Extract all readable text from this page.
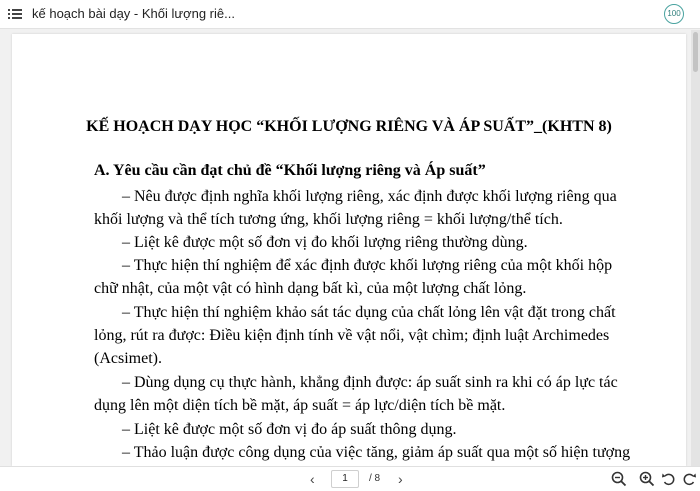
kế hoạch bài dạy - Khối lượng riê...	100
KẾ HOẠCH DẠY HỌC “KHỐI LƯỢNG RIÊNG VÀ ÁP SUẤT”_(KHTN 8)
A. Yêu cầu cần đạt chủ đề “Khối lượng riêng và Áp suất”
– Nêu được định nghĩa khối lượng riêng, xác định được khối lượng riêng qua
khối lượng và thể tích tương ứng, khối lượng riêng = khối lượng/thể tích.
– Liệt kê được một số đơn vị đo khối lượng riêng thường dùng.
– Thực hiện thí nghiệm để xác định được khối lượng riêng của một khối hộp
chữ nhật, của một vật có hình dạng bất kì, của một lượng chất lỏng.
– Thực hiện thí nghiệm khảo sát tác dụng của chất lỏng lên vật đặt trong chất
lỏng, rút ra được: Điều kiện định tính về vật nổi, vật chìm; định luật Archimedes
(Acsimet).
– Dùng dụng cụ thực hành, khẳng định được: áp suất sinh ra khi có áp lực tác
dụng lên một diện tích bề mặt, áp suất = áp lực/diện tích bề mặt.
– Liệt kê được một số đơn vị đo áp suất thông dụng.
– Thảo luận được công dụng của việc tăng, giảm áp suất qua một số hiện tượng
‹	1	/ 8 ›
